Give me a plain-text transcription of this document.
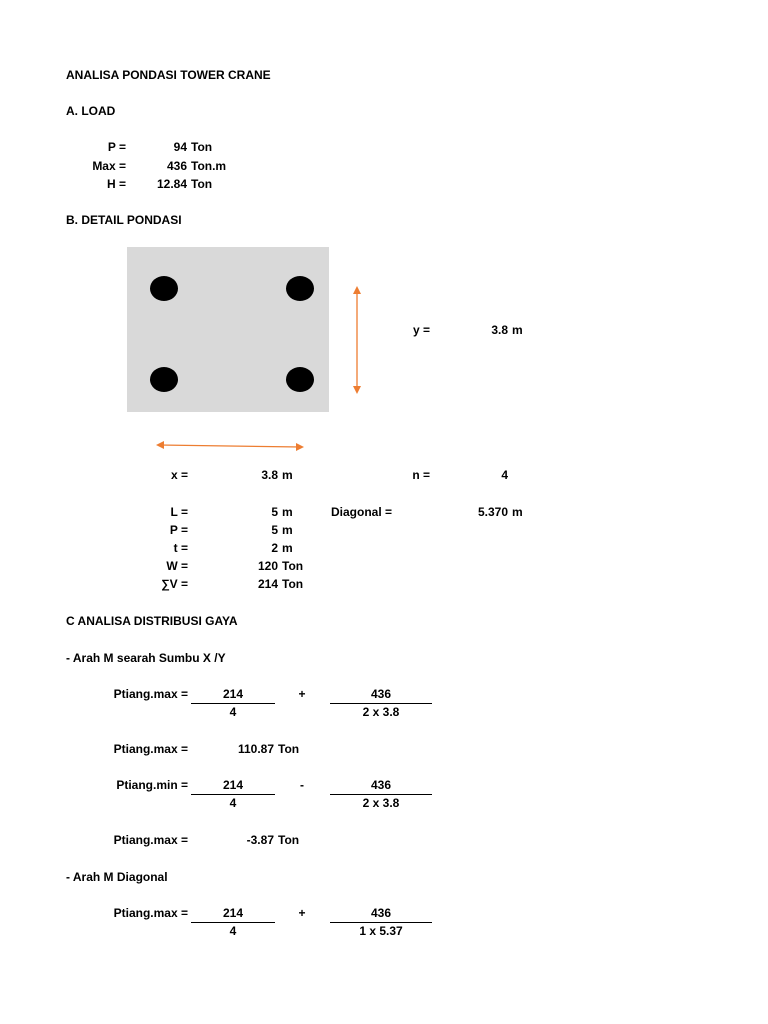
ANALISA PONDASI TOWER CRANE
A. LOAD
P =	94 Ton
Max =	436 Ton.m
H =	12.84 Ton
B. DETAIL PONDASI
y =	3.8 m
x =	3.8 m	n =	4
L =	5 m	Diagonal =	5.370 m
P =	5 m
t =	2 m
W =	120 Ton
∑V =	214 Ton
C ANALISA DISTRIBUSI GAYA
- Arah M searah Sumbu X /Y
Ptiang.max =	214
4
+	436
2 x 3.8
Ptiang.max =	110.87 Ton
Ptiang.min =	214
4
-	436
2 x 3.8
Ptiang.max =	-3.87 Ton
- Arah M Diagonal
Ptiang.max =	214
4
+	436
1 x 5.37
